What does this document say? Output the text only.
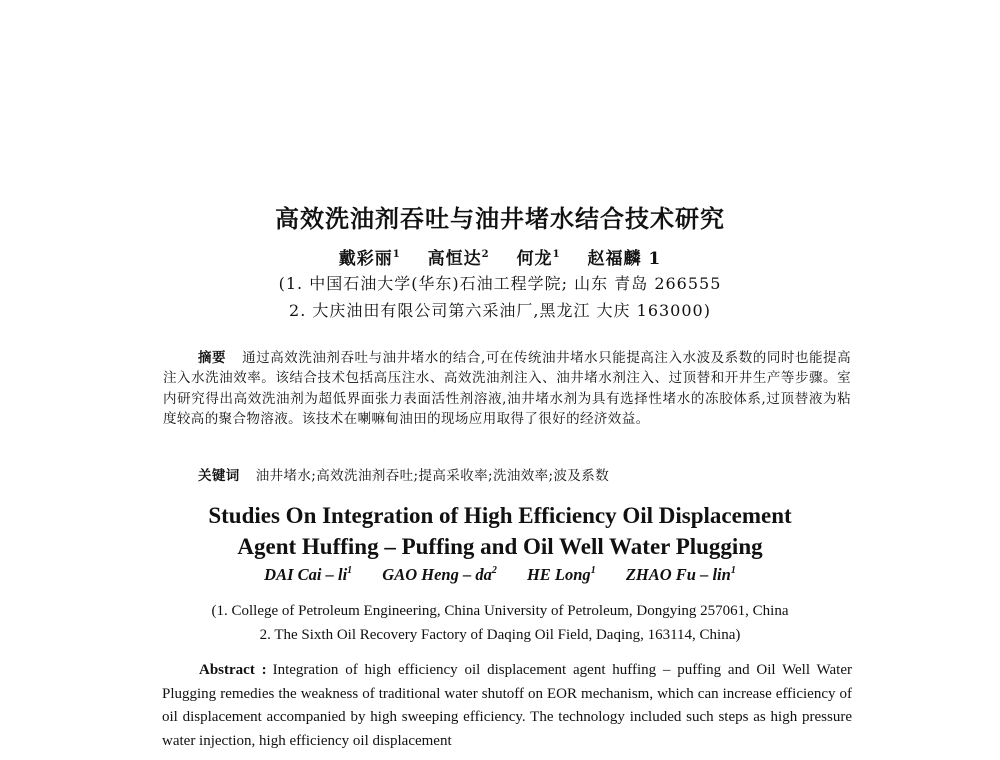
高效洗油剂吞吐与油井堵水结合技术研究
戴彩丽$^1$ 高恒达$^2$ 何龙$^1$ 赵福麟 1
(1. 中国石油大学(华东)石油工程学院; 山东 青岛 266555
2. 大庆油田有限公司第六采油厂,黑龙江 大庆 163000)
摘要 通过高效洗油剂吞吐与油井堵水的结合,可在传统油井堵水只能提高注入水波及系数的同时也能提高注入水洗油效率。该结合技术包括高压注水、高效洗油剂注入、油井堵水剂注入、过顶替和开井生产等步骤。室内研究得出高效洗油剂为超低界面张力表面活性剂溶液,油井堵水剂为具有选择性堵水的冻胶体系,过顶替液为粘度较高的聚合物溶液。该技术在喇嘛甸油田的现场应用取得了很好的经济效益。
关键词 油井堵水;高效洗油剂吞吐;提高采收率;洗油效率;波及系数
Studies On Integration of High Efficiency Oil Displacement
Agent Huffing – Puffing and Oil Well Water Plugging
DAI Cai – $li^1$ GAO Heng – $da^2$ HE Long$^1$ ZHAO Fu – lin$^1$
(1. College of Petroleum Engineering, China University of Petroleum, Dongying 257061, China
2. The Sixth Oil Recovery Factory of Daqing Oil Field, Daqing, 163114, China)
Abstract : Integration of high efficiency oil displacement agent huffing – puffing and Oil Well Water Plugging remedies the weakness of traditional water shutoff on EOR mechanism, which can increase efficiency of oil displacement accompanied by high sweeping efficiency. The technology included such steps as high pressure water injection, high efficiency oil displacement
